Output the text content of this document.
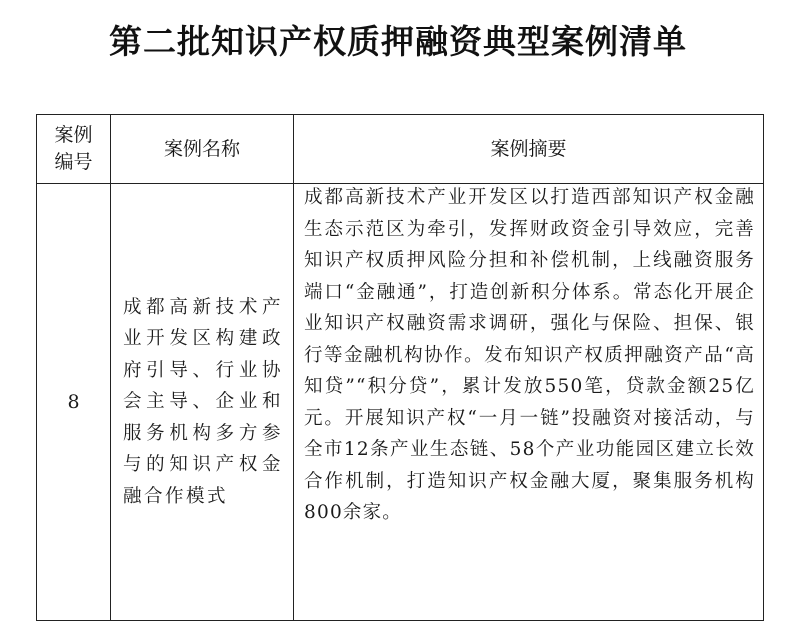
第二批知识产权质押融资典型案例清单
案例编号	案例名称	案例摘要
8	成都高新技术产业开发区构建政府引导、行业协会主导、企业和服务机构多方参与的知识产权金融合作模式	成都高新技术产业开发区以打造西部知识产权金融生态示范区为牵引，发挥财政资金引导效应，完善知识产权质押风险分担和补偿机制，上线融资服务端口“金融通”，打造创新积分体系。常态化开展企业知识产权融资需求调研，强化与保险、担保、银行等金融机构协作。发布知识产权质押融资产品“高知贷”“积分贷”，累计发放550笔，贷款金额25亿元。开展知识产权“一月一链”投融资对接活动，与全市12条产业生态链、58个产业功能园区建立长效合作机制，打造知识产权金融大厦，聚集服务机构800余家。
